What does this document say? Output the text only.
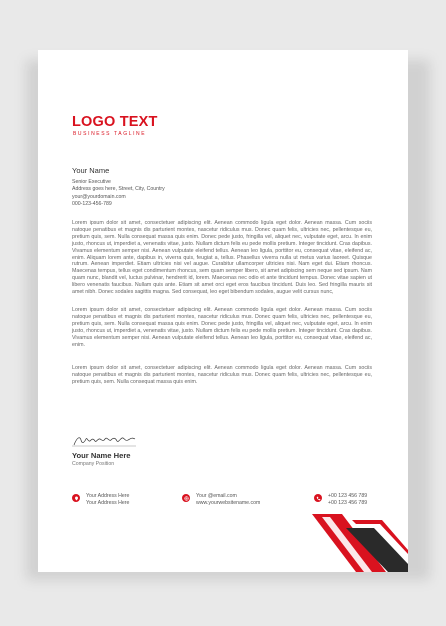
LOGO TEXT
BUSINESS TAGLINE
Your Name
Senior Executive
Address goes here, Street, City, Country
your@yourdomain.com
000-123-456-789

Lorem ipsum dolor sit amet, consectetuer adipiscing elit. Aenean commodo ligula eget dolor. Aenean massa. Cum sociis natoque penatibus et magnis dis parturient montes, nascetur ridiculus mus. Donec quam felis, ultricies nec, pellentesque eu, pretium quis, sem. Nulla consequat massa quis enim. Donec pede justo, fringilla vel, aliquet nec, vulputate eget, arcu. In enim justo, rhoncus ut, imperdiet a, venenatis vitae, justo. Nullam dictum felis eu pede mollis pretium. Integer tincidunt. Cras dapibus. Vivamus elementum semper nisi. Aenean vulputate eleifend tellus. Aenean leo ligula, porttitor eu, consequat vitae, eleifend ac, enim. Aliquam lorem ante, dapibus in, viverra quis, feugiat a, tellus. Phasellus viverra nulla ut metus varius laoreet. Quisque rutrum. Aenean imperdiet. Etiam ultricies nisi vel augue. Curabitur ullamcorper ultricies nisi. Nam eget dui. Etiam rhoncus. Maecenas tempus, tellus eget condimentum rhoncus, sem quam semper libero, sit amet adipiscing sem neque sed ipsum. Nam quam nunc, blandit vel, luctus pulvinar, hendrerit id, lorem. Maecenas nec odio et ante tincidunt tempus. Donec vitae sapien ut libero venenatis faucibus. Nullam quis ante. Etiam sit amet orci eget eros faucibus tincidunt. Duis leo. Sed fringilla mauris sit amet nibh. Donec sodales sagittis magna. Sed consequat, leo eget bibendum sodales, augue velit cursus nunc,

Lorem ipsum dolor sit amet, consectetuer adipiscing elit. Aenean commodo ligula eget dolor. Aenean massa. Cum sociis natoque penatibus et magnis dis parturient montes, nascetur ridiculus mus. Donec quam felis, ultricies nec, pellentesque eu, pretium quis, sem. Nulla consequat massa quis enim. Donec pede justo, fringilla vel, aliquet nec, vulputate eget, arcu. In enim justo, rhoncus ut, imperdiet a, venenatis vitae, justo. Nullam dictum felis eu pede mollis pretium. Integer tincidunt. Cras dapibus. Vivamus elementum semper nisi. Aenean vulputate eleifend tellus. Aenean leo ligula, porttitor eu, consequat vitae, eleifend ac, enim.

Lorem ipsum dolor sit amet, consectetuer adipiscing elit. Aenean commodo ligula eget dolor. Aenean massa. Cum sociis natoque penatibus et magnis dis parturient montes, nascetur ridiculus mus. Donec quam felis, ultricies nec, pellentesque eu, pretium quis, sem. Nulla consequat massa quis enim.

Your Name Here
Company Position
Your Address Here
Your Address Here
Your @email.com
www.yourwebsitename.com
+00 123 456 789
+00 123 456 789
